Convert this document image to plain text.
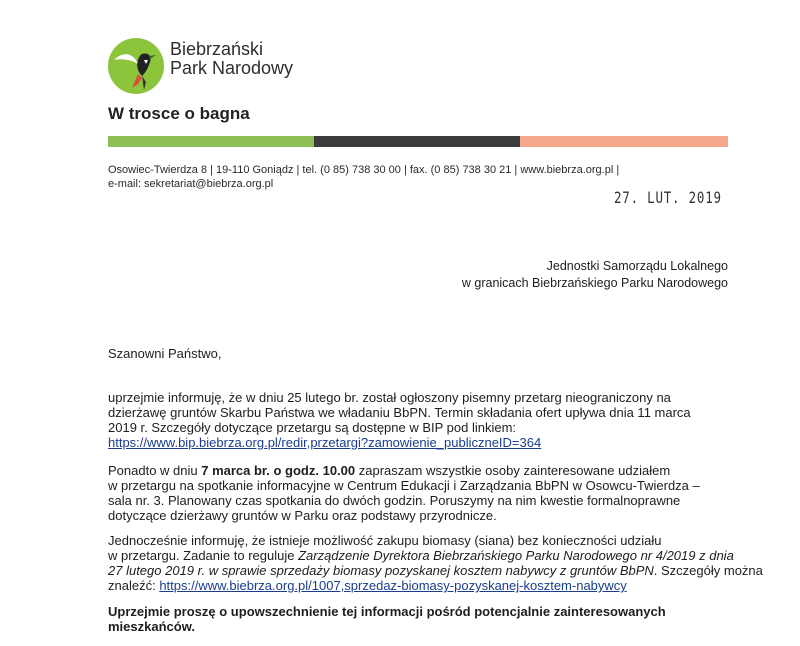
Biebrzański
Park Narodowy
W trosce o bagna
Osowiec-Twierdza 8 | 19-110 Goniądz | tel. (0 85) 738 30 00 | fax. (0 85) 738 30 21 | www.biebrza.org.pl |
e-mail: sekretariat@biebrza.org.pl
27. LUT. 2019
Jednostki Samorządu Lokalnego
w granicach Biebrzańskiego Parku Narodowego
Szanowni Państwo,
uprzejmie informuję, że w dniu 25 lutego br. został ogłoszony pisemny przetarg nieograniczony na
dzierżawę gruntów Skarbu Państwa we władaniu BbPN. Termin składania ofert upływa dnia 11 marca
2019 r. Szczegóły dotyczące przetargu są dostępne w BIP pod linkiem:
https://www.bip.biebrza.org.pl/redir,przetargi?zamowienie_publiczneID=364
Ponadto w dniu 7 marca br. o godz. 10.00 zapraszam wszystkie osoby zainteresowane udziałem
w przetargu na spotkanie informacyjne w Centrum Edukacji i Zarządzania BbPN w Osowcu-Twierdza –
sala nr. 3. Planowany czas spotkania do dwóch godzin. Poruszymy na nim kwestie formalnoprawne
dotyczące dzierżawy gruntów w Parku oraz podstawy przyrodnicze.
Jednocześnie informuję, że istnieje możliwość zakupu biomasy (siana) bez konieczności udziału
w przetargu. Zadanie to reguluje Zarządzenie Dyrektora Biebrzańskiego Parku Narodowego nr 4/2019 z dnia
27 lutego 2019 r. w sprawie sprzedaży biomasy pozyskanej kosztem nabywcy z gruntów BbPN. Szczegóły można
znaleźć: https://www.biebrza.org.pl/1007,sprzedaz-biomasy-pozyskanej-kosztem-nabywcy
Uprzejmie proszę o upowszechnienie tej informacji pośród potencjalnie zainteresowanych
mieszkańców.
